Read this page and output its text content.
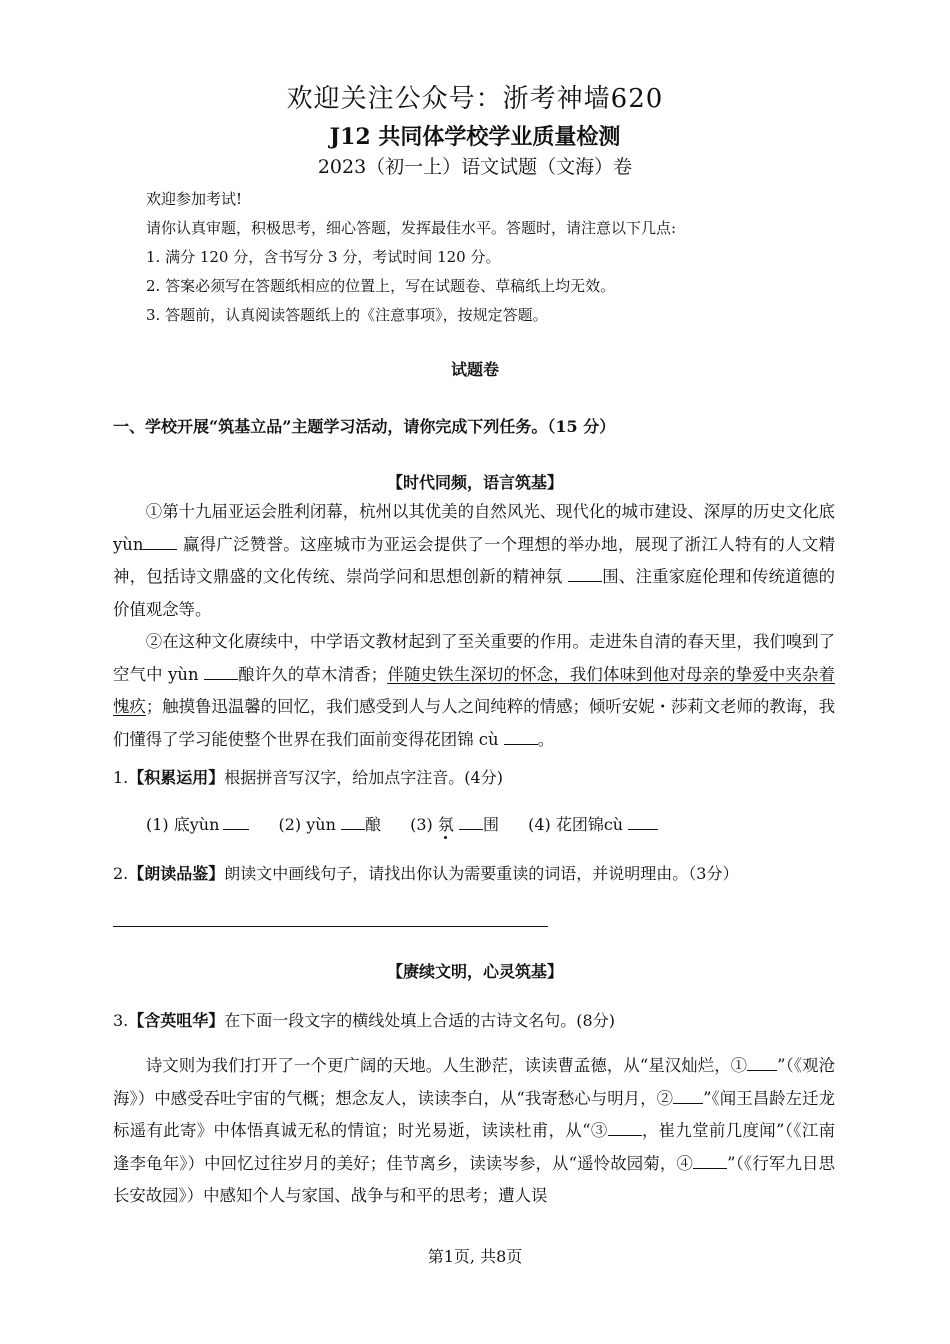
欢迎关注公众号：浙考神墙620
J12 共同体学校学业质量检测
2023（初一上）语文试题（文海）卷
欢迎参加考试!
请你认真审题，积极思考，细心答题，发挥最佳水平。答题时，请注意以下几点:
1. 满分 120 分，含书写分 3 分，考试时间 120 分。
2. 答案必须写在答题纸相应的位置上，写在试题卷、草稿纸上均无效。
3. 答题前，认真阅读答题纸上的《注意事项》，按规定答题。
试题卷
一、学校开展“筑基立品”主题学习活动，请你完成下列任务。（15 分）
【时代同频，语言筑基】

①第十九届亚运会胜利闭幕，杭州以其优美的自然风光、现代化的城市建设、深厚的历史文化底yùn 赢得广泛赞誉。这座城市为亚运会提供了一个理想的举办地，展现了浙江人特有的人文精神，包括诗文鼎盛的文化传统、崇尚学问和思想创新的精神氛 围、注重家庭伦理和传统道德的价值观念等。

②在这种文化赓续中，中学语文教材起到了至关重要的作用。走进朱自清的春天里，我们嗅到了空气中 yùn 酿许久的草木清香；伴随史铁生深切的怀念，我们体味到他对母亲的挚爱中夹杂着愧疚；触摸鲁迅温馨的回忆，我们感受到人与人之间纯粹的情感；倾听安妮・莎莉文老师的教诲，我们懂得了学习能使整个世界在我们面前变得花团锦 cù 。

1.【积累运用】根据拼音写汉字，给加点字注音。(4分)
(1) 底yùn	(2) yùn 酿 (3) 氛 围 (4) 花团锦cù
2.【朗读品鉴】朗读文中画线句子，请找出你认为需要重读的词语，并说明理由。（3分）
【赓续文明，心灵筑基】
3.【含英咀华】在下面一段文字的横线处填上合适的古诗文名句。(8分)

诗文则为我们打开了一个更广阔的天地。人生渺茫，读读曹孟德，从“星汉灿烂，① ”（《观沧海》）中感受吞吐宇宙的气概；想念友人，读读李白，从“我寄愁心与明月，② ”《闻王昌龄左迁龙标遥有此寄》中体悟真诚无私的情谊；时光易逝，读读杜甫，从“③ ，崔九堂前几度闻”（《江南逢李龟年》）中回忆过往岁月的美好；佳节离乡，读读岑参，从“遥怜故园菊，④ ”（《行军九日思长安故园》）中感知个人与家国、战争与和平的思考；遭人误

第1页, 共8页
